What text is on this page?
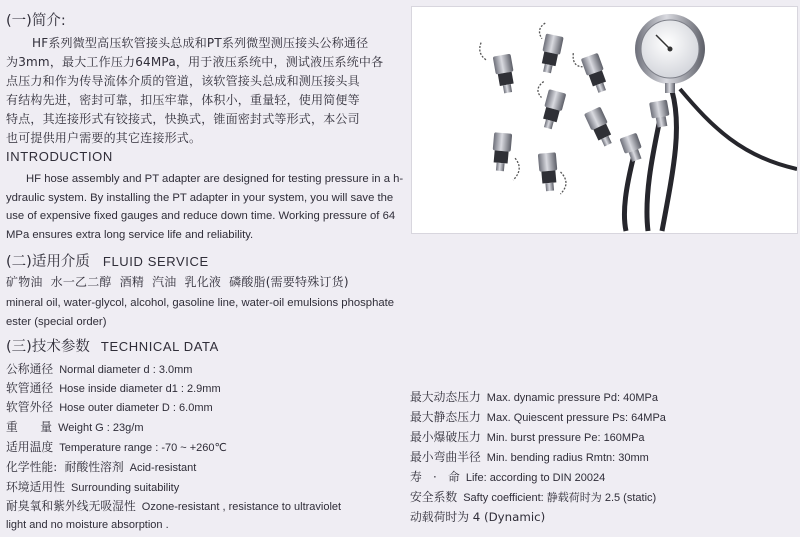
(一)简介:

HF系列微型高压软管接头总成和PT系列微型测压接头公称通径

为3mm，最大工作压力64MPa，用于液压系统中，测试液压系统中各

点压力和作为传导流体介质的管道，该软管接头总成和测压接头具

有结构先进，密封可靠，扣压牢靠，体积小，重量轻，使用简便等

特点，其连接形式有铰接式，快换式，锥面密封式等形式，本公司

也可提供用户需要的其它连接形式。

INTRODUCTION

HF hose assembly and PT adapter are designed for testing pressure in a h-

ydraulic system. By installing the PT adapter in your system, you will save the

use of expensive fixed gauges and reduce down time. Working pressure of 64

MPa ensures extra long service life and reliability.

(二)适用介质 FLUID SERVICE
矿物油  水一乙二醇  酒精  汽油  乳化液  磷酸脂(需要特殊订货)

mineral oil, water-glycol, alcohol, gasoline line, water-oil emulsions phosphate

ester (special order)

(三)技术参数 TECHNICAL DATA
公称通径 Normal diameter d : 3.0mm
软管通径 Hose inside diameter d1 : 2.9mm
软管外径 Hose outer diameter D : 6.0mm
重      量 Weight G : 23g/m
适用温度 Temperature range : -70 ~ +260℃
化学性能:  耐酸性溶剂 Acid-resistant
环境适用性 Surrounding suitability
耐臭氧和紫外线无吸湿性 Ozone-resistant , resistance to ultraviolet
light and no moisture absorption .
最大动态压力 Max. dynamic pressure Pd: 40MPa
最大静态压力 Max. Quiescent pressure Ps: 64MPa
最小爆破压力 Min. burst pressure Pe: 160MPa
最小弯曲半径 Min. bending radius Rmtn: 30mm
寿   ·   命 Life: according to DIN 20024
安全系数 Safty coefficient: 静载荷时为 2.5 (static)
动载荷时为 4 (Dynamic)
